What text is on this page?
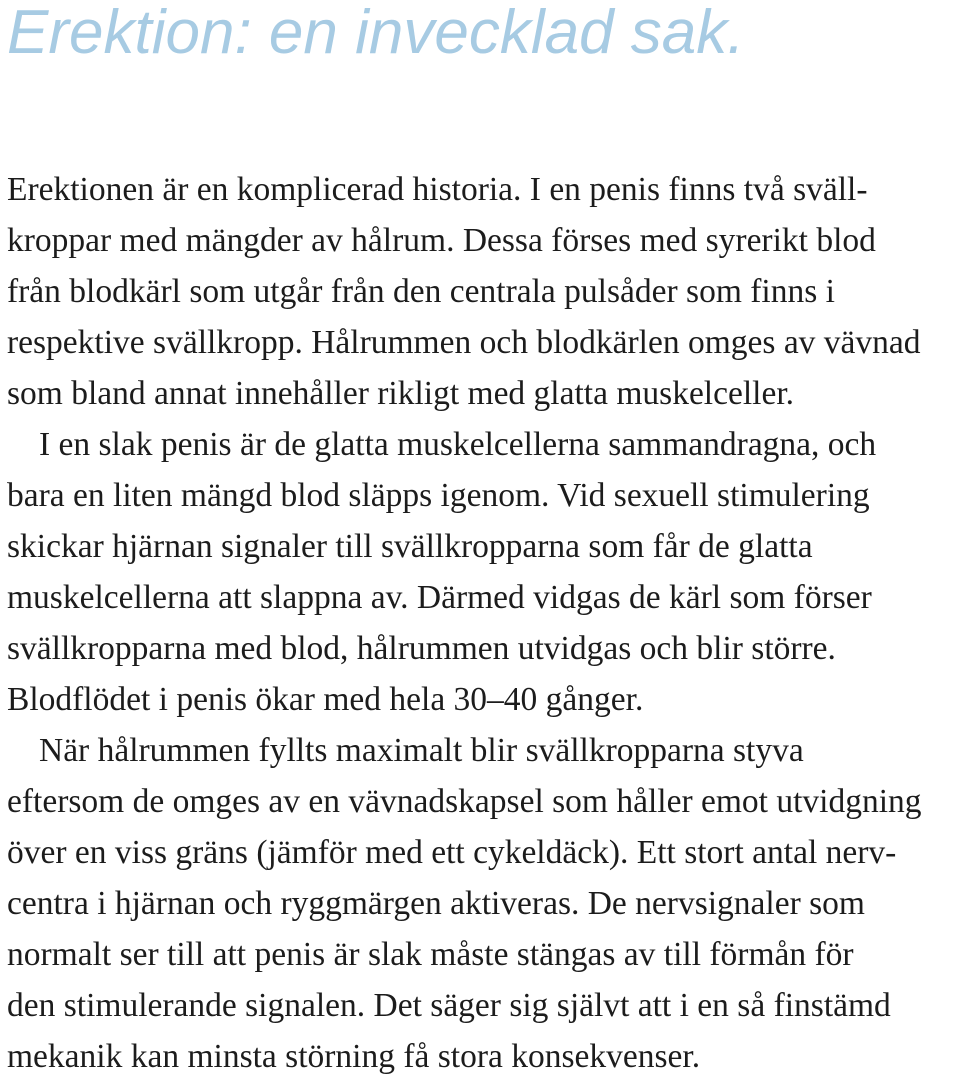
Erektion: en invecklad sak.
Erektionen är en komplicerad historia. I en penis finns två sväll-
kroppar med mängder av hålrum. Dessa förses med syrerikt blod
från blodkärl som utgår från den centrala pulsåder som finns i
respektive svällkropp. Hålrummen och blodkärlen omges av vävnad
som bland annat innehåller rikligt med glatta muskelceller.
I en slak penis är de glatta muskelcellerna sammandragna, och
bara en liten mängd blod släpps igenom. Vid sexuell stimulering
skickar hjärnan signaler till svällkropparna som får de glatta
muskelcellerna att slappna av. Därmed vidgas de kärl som förser
svällkropparna med blod, hålrummen utvidgas och blir större.
Blodflödet i penis ökar med hela 30–40 gånger.
När hålrummen fyllts maximalt blir svällkropparna styva
eftersom de omges av en vävnadskapsel som håller emot utvidgning
över en viss gräns (jämför med ett cykeldäck). Ett stort antal nerv-
centra i hjärnan och ryggmärgen aktiveras. De nervsignaler som
normalt ser till att penis är slak måste stängas av till förmån för
den stimulerande signalen. Det säger sig självt att i en så finstämd
mekanik kan minsta störning få stora konsekvenser.
